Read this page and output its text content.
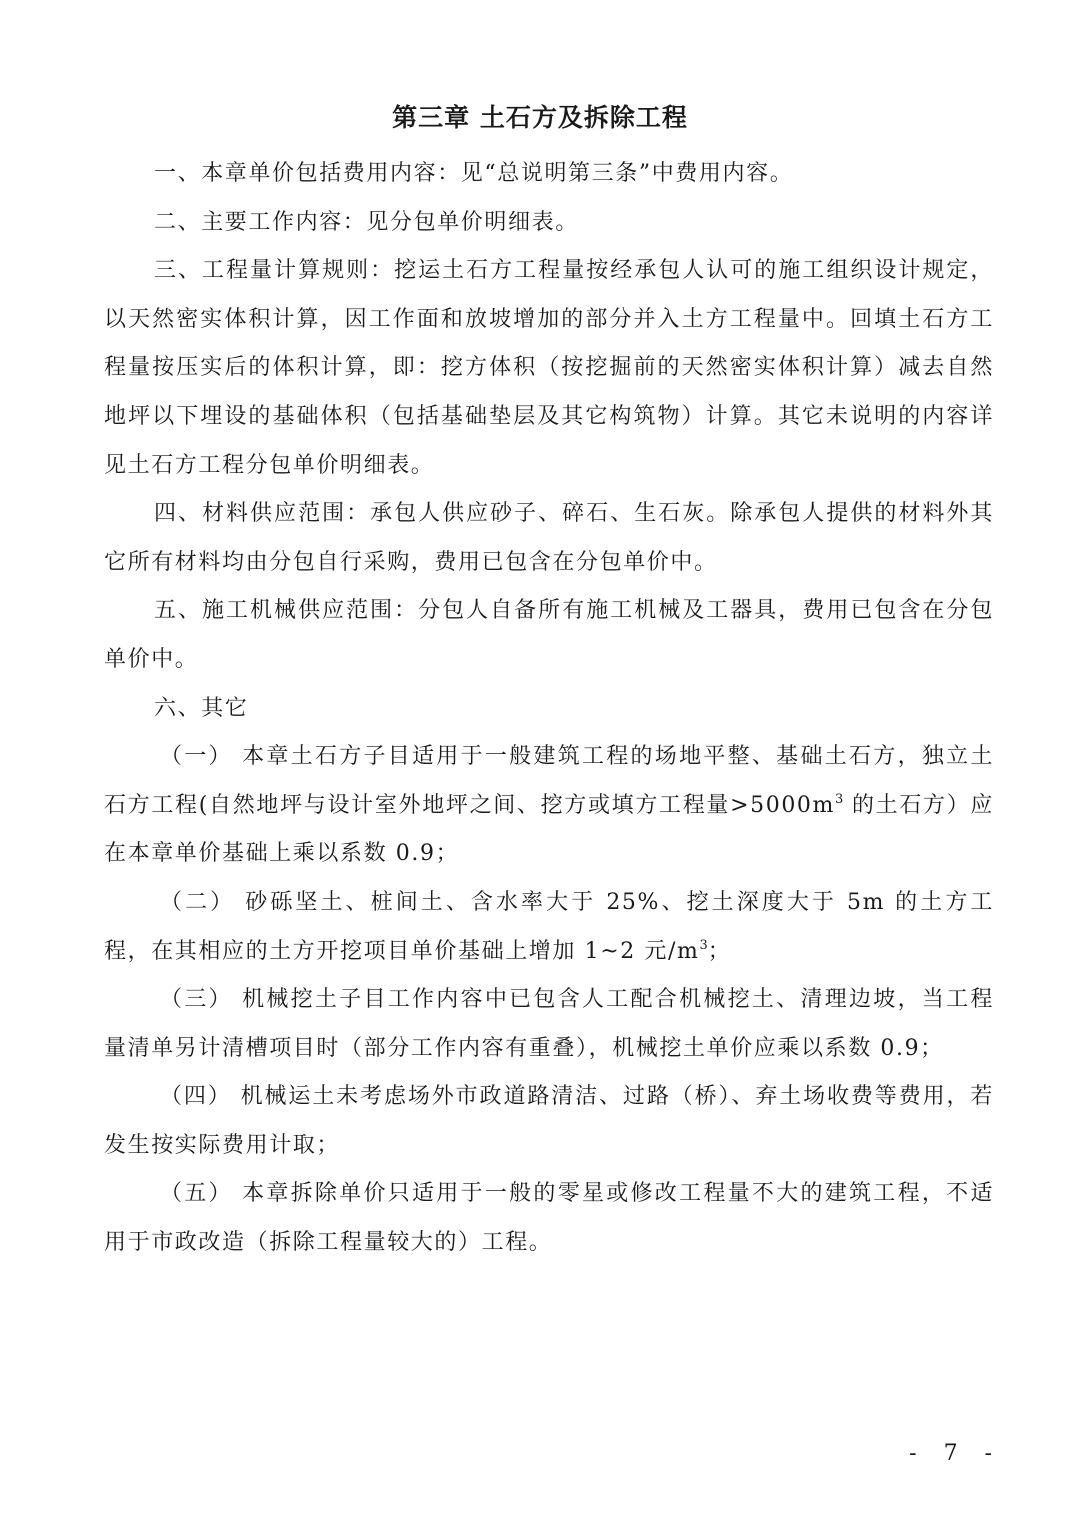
第三章 土石方及拆除工程

一、本章单价包括费用内容：见“总说明第三条”中费用内容。

二、主要工作内容：见分包单价明细表。

三、工程量计算规则：挖运土石方工程量按经承包人认可的施工组织设计规定，以天然密实体积计算，因工作面和放坡增加的部分并入土方工程量中。回填土石方工程量按压实后的体积计算，即：挖方体积（按挖掘前的天然密实体积计算）减去自然地坪以下埋设的基础体积（包括基础垫层及其它构筑物）计算。其它未说明的内容详见土石方工程分包单价明细表。

四、材料供应范围：承包人供应砂子、碎石、生石灰。除承包人提供的材料外其它所有材料均由分包自行采购，费用已包含在分包单价中。

五、施工机械供应范围：分包人自备所有施工机械及工器具，费用已包含在分包单价中。

六、其它

（一） 本章土石方子目适用于一般建筑工程的场地平整、基础土石方，独立土石方工程(自然地坪与设计室外地坪之间、挖方或填方工程量$>5000m^3$ 的土石方）应在本章单价基础上乘以系数 0.9；

（二） 砂砾坚土、桩间土、含水率大于 25%、挖土深度大于 5m 的土方工程，在其相应的土方开挖项目单价基础上增加 1~2 元$/m^3$；

（三） 机械挖土子目工作内容中已包含人工配合机械挖土、清理边坡，当工程量清单另计清槽项目时（部分工作内容有重叠），机械挖土单价应乘以系数 0.9；

（四） 机械运土未考虑场外市政道路清洁、过路（桥）、弃土场收费等费用，若发生按实际费用计取；

（五） 本章拆除单价只适用于一般的零星或修改工程量不大的建筑工程，不适用于市政改造（拆除工程量较大的）工程。

- 7 -
